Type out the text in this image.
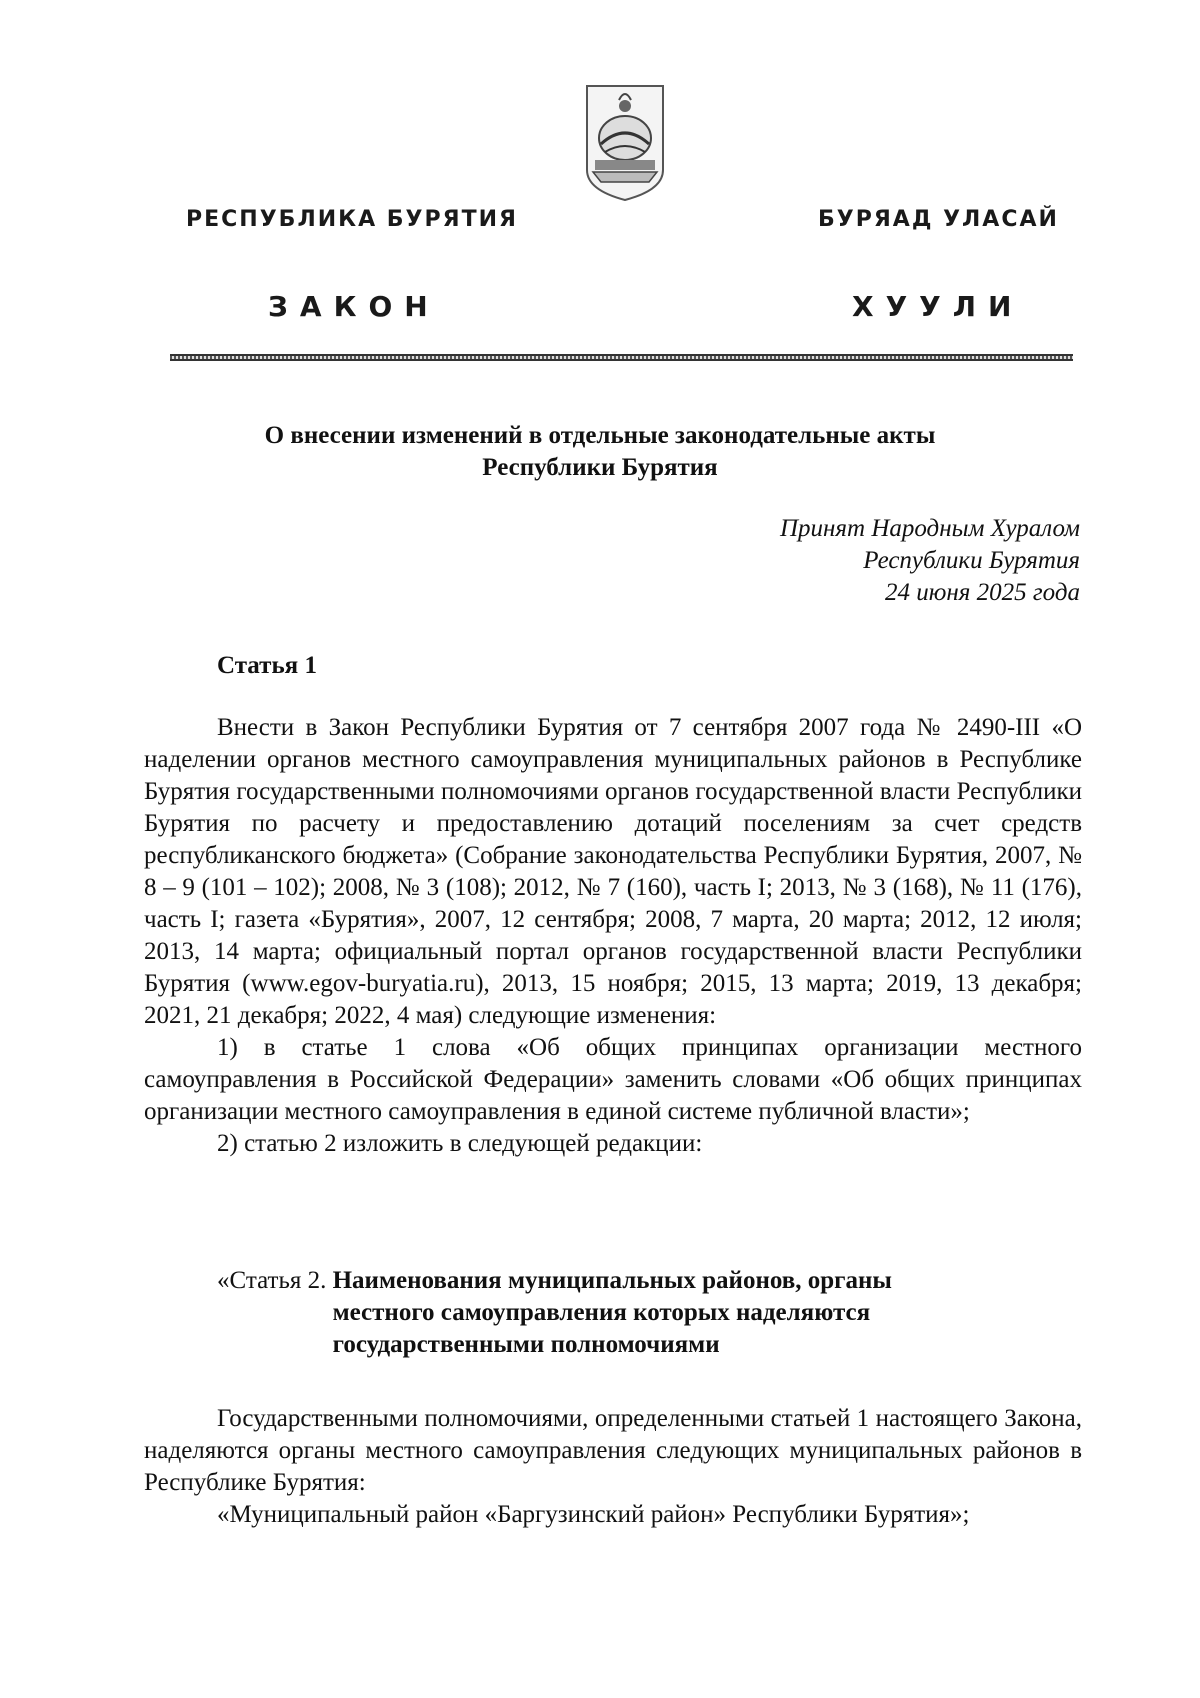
РЕСПУБЛИКА БУРЯТИЯ	БУРЯАД УЛАСАЙ
ЗАКОН	ХУУЛИ
О внесении изменений в отдельные законодательные акты
Республики Бурятия
Принят Народным Хуралом
Республики Бурятия
24 июня 2025 года
Статья 1

Внести в Закон Республики Бурятия от 7 сентября 2007 года № 2490-III «О наделении органов местного самоуправления муниципальных районов в Республике Бурятия государственными полномочиями органов государственной власти Республики Бурятия по расчету и предоставлению дотаций поселениям за счет средств республиканского бюджета» (Собрание законодательства Республики Бурятия, 2007, № 8 – 9 (101 – 102); 2008, № 3 (108); 2012, № 7 (160), часть I; 2013, № 3 (168), № 11 (176), часть I; газета «Бурятия», 2007, 12 сентября; 2008, 7 марта, 20 марта; 2012, 12 июля; 2013, 14 марта; официальный портал органов государственной власти Республики Бурятия (www.egov-buryatia.ru), 2013, 15 ноября; 2015, 13 марта; 2019, 13 декабря; 2021, 21 декабря; 2022, 4 мая) следующие изменения:

1) в статье 1 слова «Об общих принципах организации местного самоуправления в Российской Федерации» заменить словами «Об общих принципах организации местного самоуправления в единой системе публичной власти»;

2) статью 2 изложить в следующей редакции:

«Статья 2. Наименования муниципальных районов, органы
местного самоуправления которых наделяются
государственными полномочиями

Государственными полномочиями, определенными статьей 1 настоящего Закона, наделяются органы местного самоуправления следующих муниципальных районов в Республике Бурятия:

«Муниципальный район «Баргузинский район» Республики Бурятия»;
